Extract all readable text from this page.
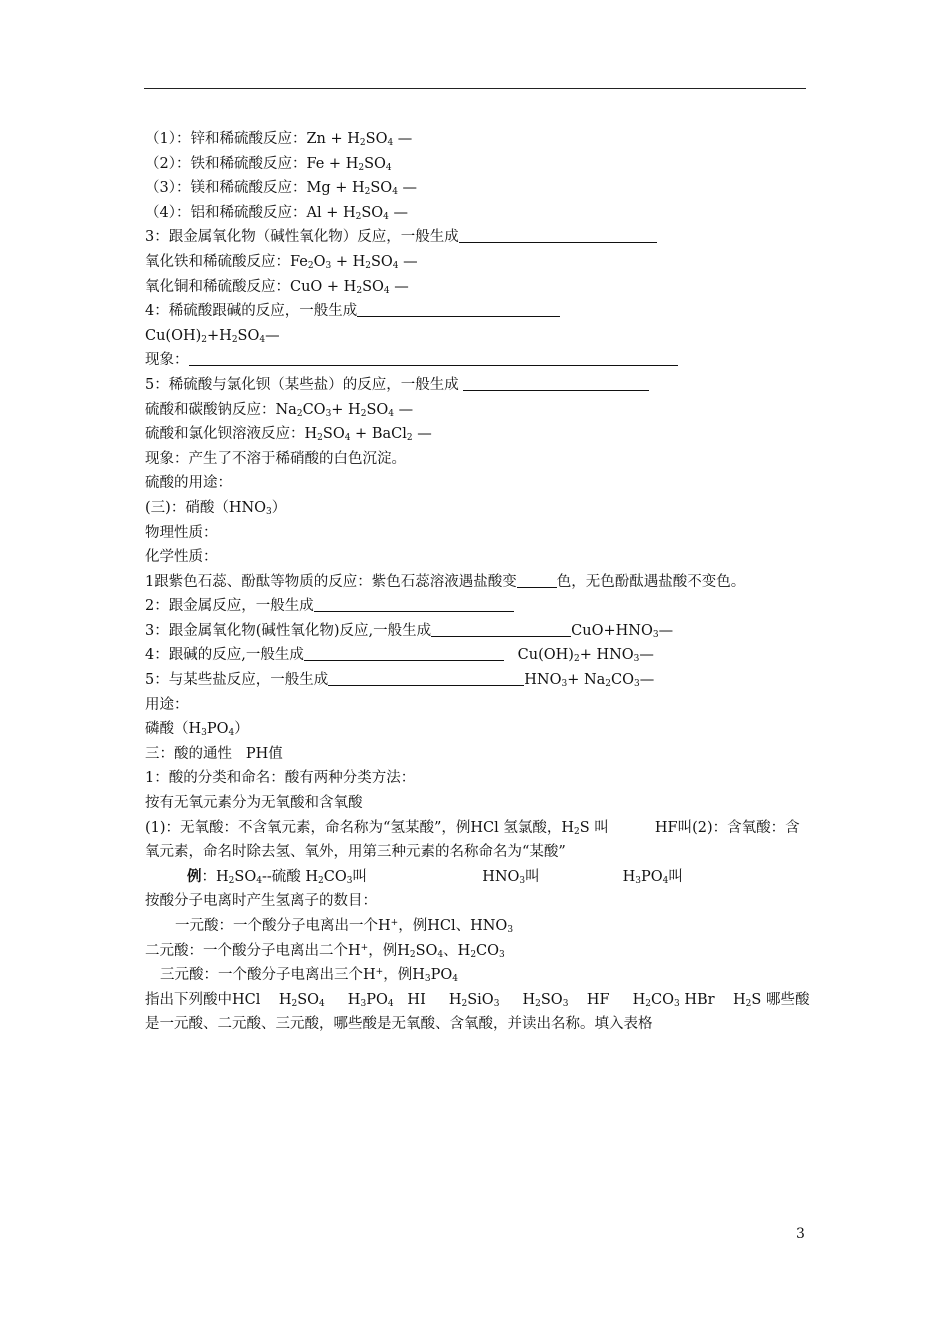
（1）：锌和稀硫酸反应：$Zn + H_2SO_4$ —
（2）：铁和稀硫酸反应：$Fe + H_2SO_4$
（3）：镁和稀硫酸反应：$Mg + H_2SO_4$ —
（4）：铝和稀硫酸反应：$Al + H_2SO_4$ —
3：跟金属氧化物（碱性氧化物）反应，一般生成
氧化铁和稀硫酸反应：$Fe_2O_3 + H_2SO_4$ —
氧化铜和稀硫酸反应：CuO + $H_2SO_4$ —
4：稀硫酸跟碱的反应，一般生成
$Cu(OH)_2+H_2SO_4—$
现象：
5：稀硫酸与氯化钡（某些盐）的反应，一般生成
硫酸和碳酸钠反应：$Na_2CO_3+ H_2SO_4$ —
硫酸和氯化钡溶液反应：$H_2SO_4$ + BaCl$_2$ —
现象：产生了不溶于稀硝酸的白色沉淀。
硫酸的用途：
(三)：硝酸$(HNO_3)$
物理性质：
化学性质：
1跟紫色石蕊、酚酞等物质的反应：紫色石蕊溶液遇盐酸变	色，无色酚酞遇盐酸不变色。
2：跟金属反应，一般生成
3：跟金属氧化物(碱性氧化物)反应,一般生成	$CuO+HNO_3—$
4：跟碱的反应,一般生成	$Cu(OH)_2+$ $HNO_3—$
5：与某些盐反应，一般生成	$HNO_3+$ $Na_2CO_3—$
用途：
磷酸$(H_3PO_4)$
三：酸的通性   PH值
1：酸的分类和命名：酸有两种分类方法：
按有无氧元素分为无氧酸和含氧酸
(1)：无氧酸：不含氧元素，命名称为“氢某酸”，例HCl 氢氯酸，$H_2S$ 叫          HF叫(2)：含氧酸：含氧元素，命名时除去氢、氧外，用第三种元素的名称命名为“某酸”
例：$H_2SO_4--$硫酸 $H_2CO_3$叫                         $HNO_3$叫                  $H_3PO_4$叫
按酸分子电离时产生氢离子的数目：
一元酸：一个酸分子电离出一个H+，例HCl、$HNO_3$
二元酸：一个酸分子电离出二个H+，例$H_2SO_4$、$H_2CO_3$
三元酸：一个酸分子电离出三个H+，例$H_3PO_4$
指出下列酸中HCl    $H_2SO_4$     $H_3PO_4$   HI     $H_2SiO_3$     $H_2SO_3$    HF     $H_2CO_3$ HBr    $H_2S$ 哪些酸是一元酸、二元酸、三元酸，哪些酸是无氧酸、含氧酸，并读出名称。填入表格
3
